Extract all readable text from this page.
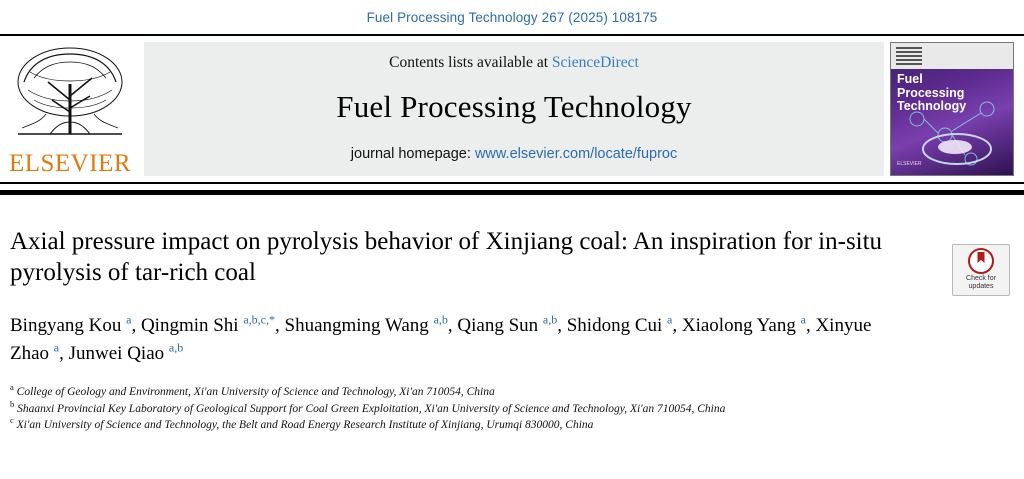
Fuel Processing Technology 267 (2025) 108175
ELSEVIER
Contents lists available at ScienceDirect
Fuel Processing Technology
journal homepage: www.elsevier.com/locate/fuproc
Fuel
Processing
Technology
ELSEVIER
Check for
updates
Axial pressure impact on pyrolysis behavior of Xinjiang coal: An inspiration for in-situ pyrolysis of tar-rich coal
Bingyang Kou $^a$, Qingmin Shi $^{a,b,c,*}$, Shuangming Wang $^{a,b}$, Qiang Sun $^{a,b}$, Shidong Cui $^a$, Xiaolong Yang $^a$, Xinyue Zhao $^a$, Junwei Qiao $^{a,b}$
$^a$ College of Geology and Environment, Xi'an University of Science and Technology, Xi'an 710054, China
$^b$ Shaanxi Provincial Key Laboratory of Geological Support for Coal Green Exploitation, Xi'an University of Science and Technology, Xi'an 710054, China
$^c$ Xi'an University of Science and Technology, the Belt and Road Energy Research Institute of Xinjiang, Urumqi 830000, China
